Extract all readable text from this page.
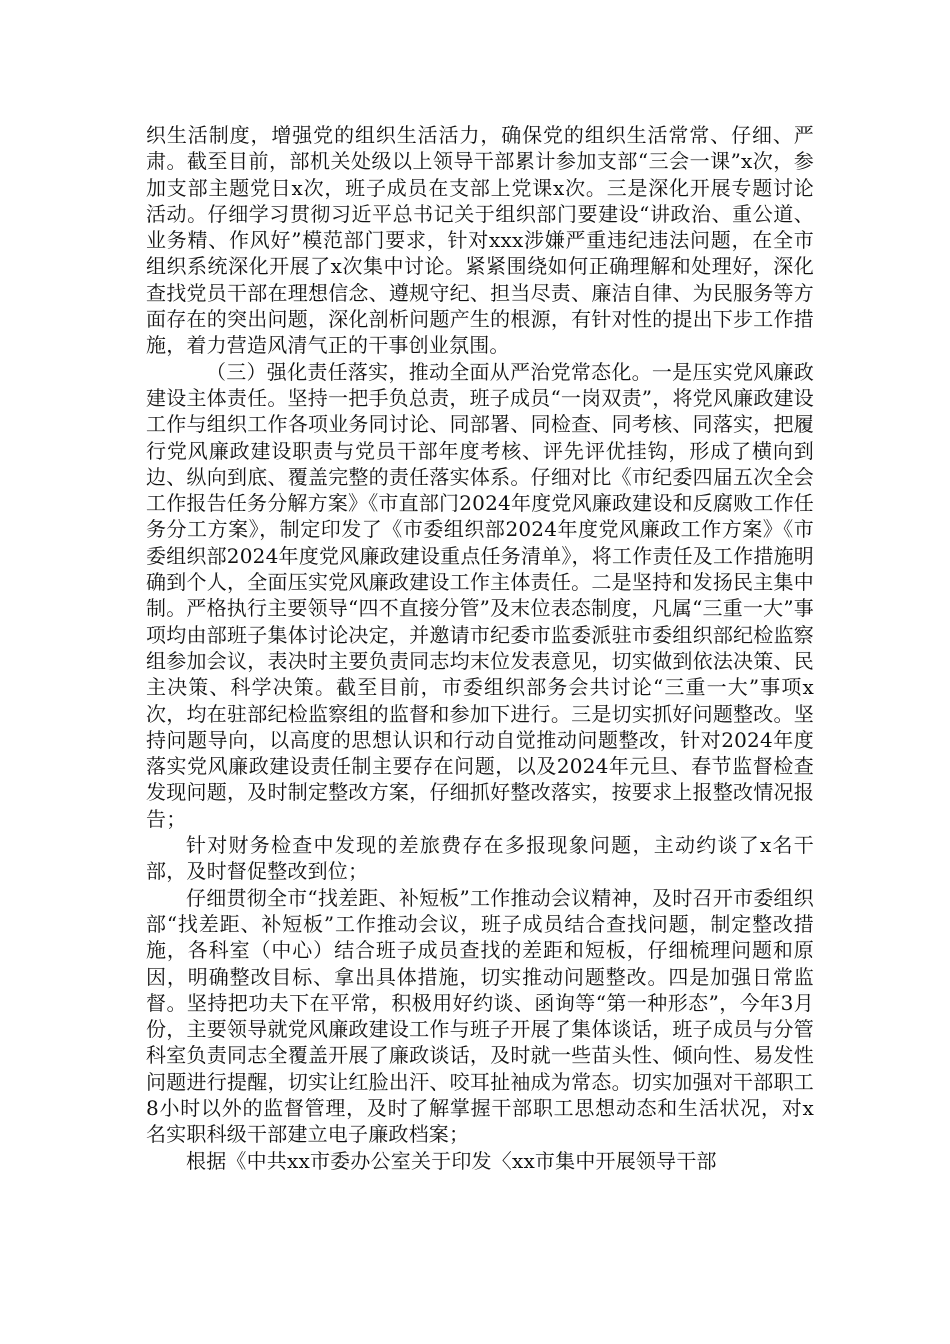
织生活制度，增强党的组织生活活力，确保党的组织生活常常、仔细、严肃。截至目前，部机关处级以上领导干部累计参加支部“三会一课”x次，参加支部主题党日x次，班子成员在支部上党课x次。三是深化开展专题讨论活动。仔细学习贯彻习近平总书记关于组织部门要建设“讲政治、重公道、业务精、作风好”模范部门要求，针对xxx涉嫌严重违纪违法问题，在全市组织系统深化开展了x次集中讨论。紧紧围绕如何正确理解和处理好，深化查找党员干部在理想信念、遵规守纪、担当尽责、廉洁自律、为民服务等方面存在的突出问题，深化剖析问题产生的根源，有针对性的提出下步工作措施，着力营造风清气正的干事创业氛围。

（三）强化责任落实，推动全面从严治党常态化。一是压实党风廉政建设主体责任。坚持一把手负总责，班子成员“一岗双责”，将党风廉政建设工作与组织工作各项业务同讨论、同部署、同检查、同考核、同落实，把履行党风廉政建设职责与党员干部年度考核、评先评优挂钩，形成了横向到边、纵向到底、覆盖完整的责任落实体系。仔细对比《市纪委四届五次全会工作报告任务分解方案》《市直部门2024年度党风廉政建设和反腐败工作任务分工方案》，制定印发了《市委组织部2024年度党风廉政工作方案》《市委组织部2024年度党风廉政建设重点任务清单》，将工作责任及工作措施明确到个人，全面压实党风廉政建设工作主体责任。二是坚持和发扬民主集中制。严格执行主要领导“四不直接分管”及末位表态制度，凡属“三重一大”事项均由部班子集体讨论决定，并邀请市纪委市监委派驻市委组织部纪检监察组参加会议，表决时主要负责同志均末位发表意见，切实做到依法决策、民主决策、科学决策。截至目前，市委组织部务会共讨论“三重一大”事项x次，均在驻部纪检监察组的监督和参加下进行。三是切实抓好问题整改。坚持问题导向，以高度的思想认识和行动自觉推动问题整改，针对2024年度落实党风廉政建设责任制主要存在问题，以及2024年元旦、春节监督检查发现问题，及时制定整改方案，仔细抓好整改落实，按要求上报整改情况报告；

针对财务检查中发现的差旅费存在多报现象问题，主动约谈了x名干部，及时督促整改到位；

仔细贯彻全市“找差距、补短板”工作推动会议精神，及时召开市委组织部“找差距、补短板”工作推动会议，班子成员结合查找问题，制定整改措施，各科室（中心）结合班子成员查找的差距和短板，仔细梳理问题和原因，明确整改目标、拿出具体措施，切实推动问题整改。四是加强日常监督。坚持把功夫下在平常，积极用好约谈、函询等“第一种形态”，今年3月份，主要领导就党风廉政建设工作与班子开展了集体谈话，班子成员与分管科室负责同志全覆盖开展了廉政谈话，及时就一些苗头性、倾向性、易发性问题进行提醒，切实让红脸出汗、咬耳扯袖成为常态。切实加强对干部职工8小时以外的监督管理，及时了解掌握干部职工思想动态和生活状况，对x名实职科级干部建立电子廉政档案；

根据《中共xx市委办公室关于印发〈xx市集中开展领导干部
